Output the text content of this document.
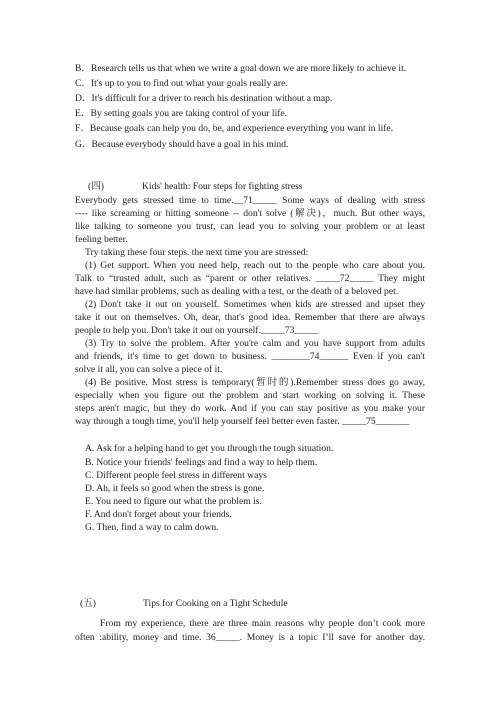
B．Research tells us that when we write a goal down we are more likely to achieve it.
C．It's up to you to find out what your goals really are.
D．It's difficult for a driver to reach his destination without a map.
E．By setting goals you are taking control of your life.
F．Because goals can help you do, be, and experience everything you want in life.
G．Because everybody should have a goal in his mind.
(四)	Kids' health: Four steps for fighting stress
Everybody gets stressed time to time.__71_____ Some ways of dealing with stress
---- like screaming or hitting someone -- don't solve (解决)，much. But other ways,
like talking to someone you trust, can lead you to solving your problem or at least
feeling better.
Try taking these four steps. the next time you are stressed:
(1) Get support. When you need help, reach out to the people who care about you.
Talk to “trusted adult, such as “parent or other relatives. _____72_____ They might
have had similar problems, such as dealing with a test, or the death of a beloved pet.
(2) Don't take it out on yourself. Sometimes when kids are stressed and upset they
take it out on themselves. Oh, dear, that's good idea. Remember that there are always
people to help you. Don't take it out on yourself._____73_____
(3) Try to solve the problem. After you're calm and you have support from adults
and friends, it's time to get down to business. ________74______ Even if you can't
solve it all, you can solve a piece of it.
(4) Be positive. Most stress is temporary(暂时的).Remember stress does go away,
especially when you figure out the problem and start working on solving it. These
steps aren't magic, but they do work. And if you can stay positive as you make your
way through a tough time, you'll help yourself feel better even faster. _____75_______
A. Ask for a helping hand to get you through the tough situation.
B. Notice your friends' feelings and find a way to help them.
C. Different people feel stress in different ways
D. Ah, it feels so good when the stress is gone.
E. You need to figure out what the problem is.
F. And don't forget about your friends.
G. Then, find a way to calm down.
(五)	Tips for Cooking on a Tight Schedule
From my experience, there are three main reasons why people don’t cook more
often :ability, money and time. 36_____. Money is a topic I’ll save for another day.
